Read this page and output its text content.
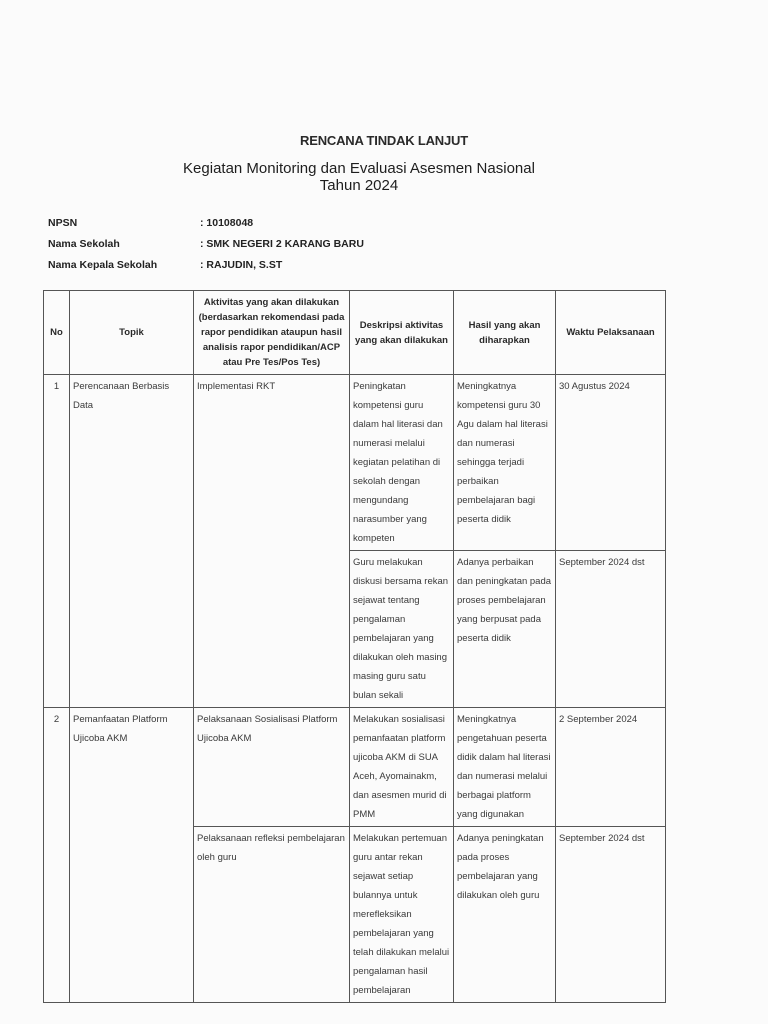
RENCANA TINDAK LANJUT
Kegiatan Monitoring dan Evaluasi Asesmen Nasional
Tahun 2024
NPSN	: 10108048
Nama Sekolah	: SMK NEGERI 2 KARANG BARU
Nama Kepala Sekolah	: RAJUDIN, S.ST
No	Topik	Aktivitas yang akan dilakukan (berdasarkan rekomendasi pada rapor pendidikan ataupun hasil analisis rapor pendidikan/ACP atau Pre Tes/Pos Tes)	Deskripsi aktivitas yang akan dilakukan	Hasil yang akan diharapkan	Waktu Pelaksanaan
1	Perencanaan Berbasis Data	Implementasi RKT	Peningkatan kompetensi guru dalam hal literasi dan numerasi melalui kegiatan pelatihan di sekolah dengan mengundang narasumber yang kompeten	Meningkatnya kompetensi guru 30 Agu dalam hal literasi dan numerasi sehingga terjadi perbaikan pembelajaran bagi peserta didik	30 Agustus 2024
			Guru melakukan diskusi bersama rekan sejawat tentang pengalaman pembelajaran yang dilakukan oleh masing masing guru satu bulan sekali	Adanya perbaikan dan peningkatan pada proses pembelajaran yang berpusat pada peserta didik	September 2024 dst
2	Pemanfaatan Platform Ujicoba AKM	Pelaksanaan Sosialisasi Platform Ujicoba AKM	Melakukan sosialisasi pemanfaatan platform ujicoba AKM di SUA Aceh, Ayomainakm, dan asesmen murid di PMM	Meningkatnya pengetahuan peserta didik dalam hal literasi dan numerasi melalui berbagai platform yang digunakan	2 September 2024
		Pelaksanaan refleksi pembelajaran oleh guru	Melakukan pertemuan guru antar rekan sejawat setiap bulannya untuk merefleksikan pembelajaran yang telah dilakukan melalui pengalaman hasil pembelajaran	Adanya peningkatan pada proses pembelajaran yang dilakukan oleh guru	September 2024 dst
